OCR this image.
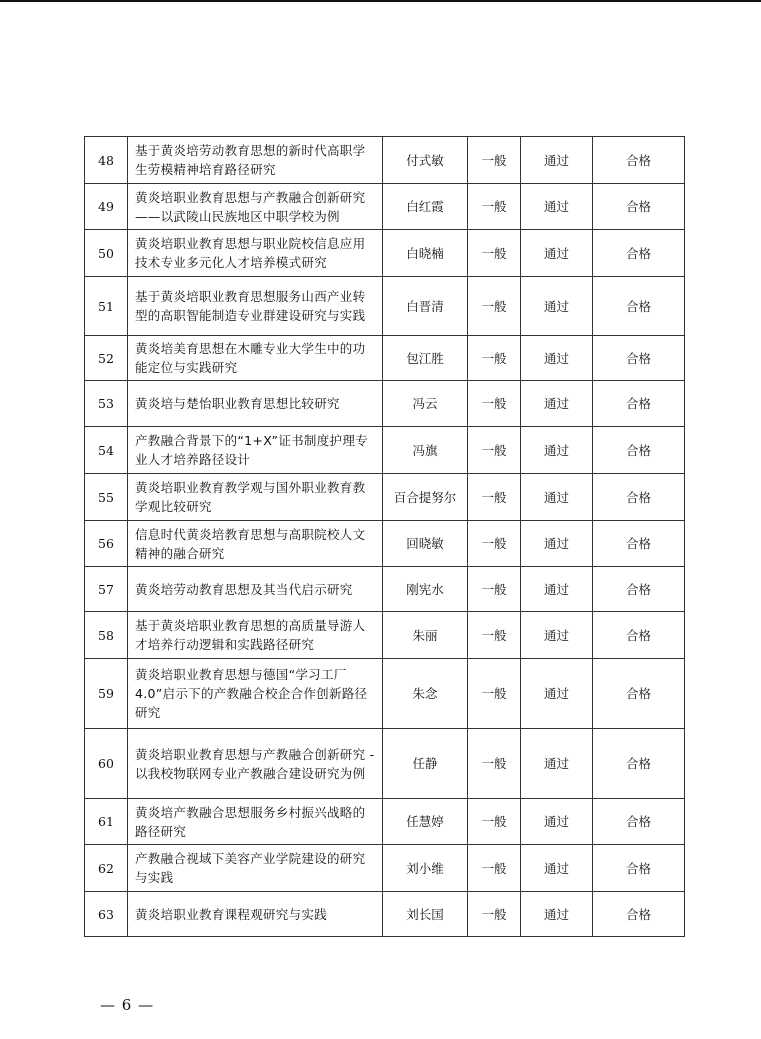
48	基于黄炎培劳动教育思想的新时代高职学生劳模精神培育路径研究	付式敏	一般	通过	合格
49	黄炎培职业教育思想与产教融合创新研究——以武陵山民族地区中职学校为例	白红霞	一般	通过	合格
50	黄炎培职业教育思想与职业院校信息应用技术专业多元化人才培养模式研究	白晓楠	一般	通过	合格
51	基于黄炎培职业教育思想服务山西产业转型的高职智能制造专业群建设研究与实践	白晋清	一般	通过	合格
52	黄炎培美育思想在木雕专业大学生中的功能定位与实践研究	包江胜	一般	通过	合格
53	黄炎培与楚怡职业教育思想比较研究	冯云	一般	通过	合格
54	产教融合背景下的“1+X”证书制度护理专业人才培养路径设计	冯旗	一般	通过	合格
55	黄炎培职业教育教学观与国外职业教育教学观比较研究	百合提努尔	一般	通过	合格
56	信息时代黄炎培教育思想与高职院校人文精神的融合研究	回晓敏	一般	通过	合格
57	黄炎培劳动教育思想及其当代启示研究	刚宪水	一般	通过	合格
58	基于黄炎培职业教育思想的高质量导游人才培养行动逻辑和实践路径研究	朱丽	一般	通过	合格
59	黄炎培职业教育思想与德国“学习工厂4.0”启示下的产教融合校企合作创新路径研究	朱念	一般	通过	合格
60	黄炎培职业教育思想与产教融合创新研究 -以我校物联网专业产教融合建设研究为例	任静	一般	通过	合格
61	黄炎培产教融合思想服务乡村振兴战略的路径研究	任慧婷	一般	通过	合格
62	产教融合视域下美容产业学院建设的研究与实践	刘小维	一般	通过	合格
63	黄炎培职业教育课程观研究与实践	刘长国	一般	通过	合格
— 6 —
